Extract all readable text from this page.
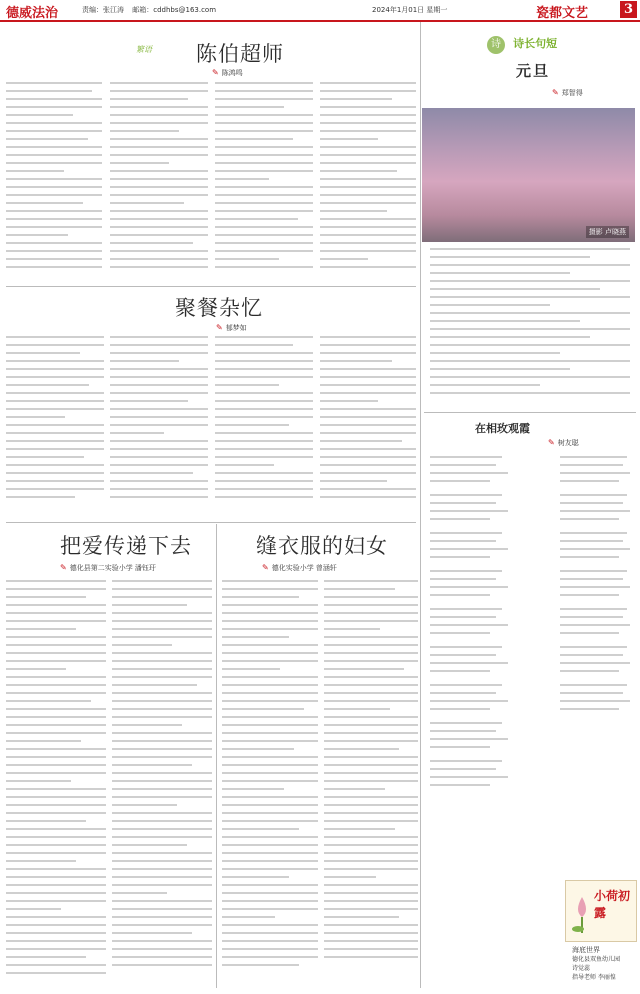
德威法治	责编：张江涛 邮箱：cddhbs@163.com	2024年1月01日 星期一	瓷都文艺	3
繁语 陈伯超师
✎ 陈鸿鸣
聚餐杂忆
✎ 郁梦如
把爱传递下去
✎ 德化县第二实验小学 潘钰玗
缝衣服的妇女
✎ 德化实验小学 曾涵轩
诗 诗长句短
元旦
✎ 郑智得
摄影 卢晓燕
在相玫观霞
✎ 树友聪
小荷初露
海底世界
德化县双鱼幼儿园
诗觉蕊
指导老师 李丽惶
